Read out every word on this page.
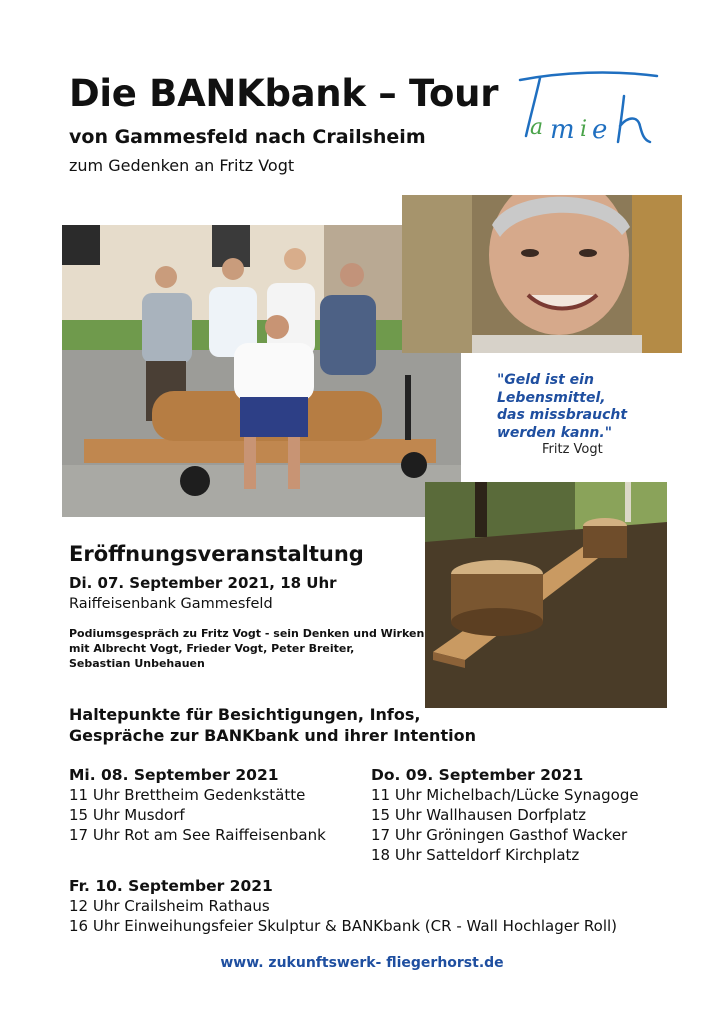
Die BANKbank – Tour
von Gammesfeld nach Crailsheim
zum Gedenken an Fritz Vogt
a m i e
"Geld ist ein
Lebensmittel,
das missbraucht
werden kann."
Fritz Vogt
Eröffnungsveranstaltung
Di. 07. September 2021, 18 Uhr
Raiffeisenbank Gammesfeld
Podiumsgespräch zu Fritz Vogt - sein Denken und Wirken
mit Albrecht Vogt, Frieder Vogt, Peter Breiter,
Sebastian Unbehauen
Haltepunkte für Besichtigungen, Infos,
Gespräche zur BANKbank und ihrer Intention
Mi. 08. September 2021
11 Uhr Brettheim Gedenkstätte
15 Uhr Musdorf
17 Uhr Rot am See Raiffeisenbank
Do. 09. September 2021
11 Uhr Michelbach/Lücke Synagoge
15 Uhr Wallhausen Dorfplatz
17 Uhr Gröningen Gasthof Wacker
18 Uhr Satteldorf Kirchplatz
Fr. 10. September 2021
12 Uhr Crailsheim Rathaus
16 Uhr Einweihungsfeier Skulptur & BANKbank (CR - Wall Hochlager Roll)
www. zukunftswerk- fliegerhorst.de
